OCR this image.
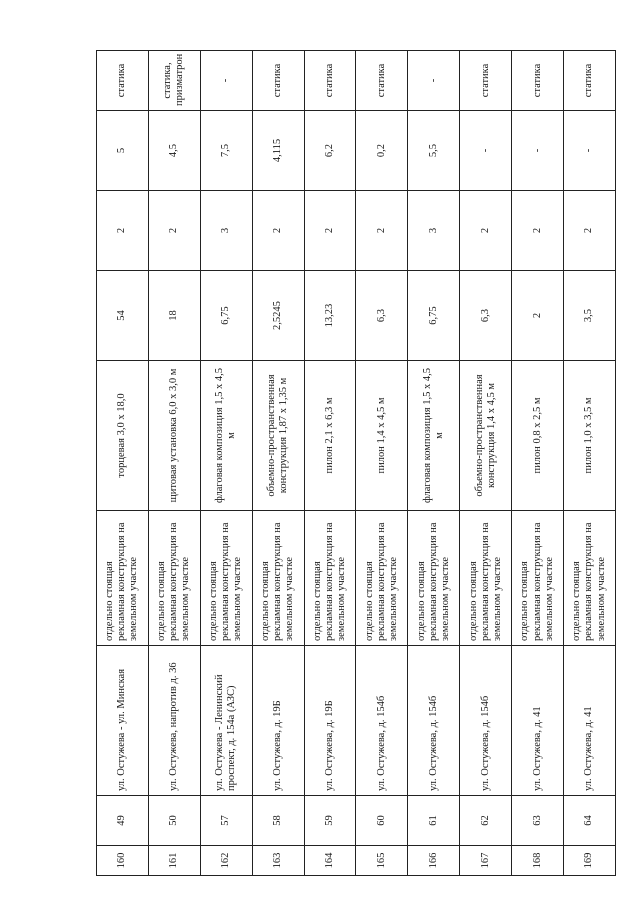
160	49	ул. Остужева - ул. Минская	отдельно стоящая рекламная конструкция на земельном участке	торцевая 3,0 х 18,0	54	2	5	статика
161	50	ул. Остужева, напротив д. 36	отдельно стоящая рекламная конструкция на земельном участке	щитовая установка 6,0 х 3,0 м	18	2	4,5	статика, призматрон
162	57	ул. Остужева - Ленинский проспект, д. 154а (АЗС)	отдельно стоящая рекламная конструкция на земельном участке	флаговая композиция 1,5 х 4,5 м	6,75	3	7,5	-
163	58	ул. Остужева, д. 19Б	отдельно стоящая рекламная конструкция на земельном участке	объемно-пространственная конструкция 1,87 х 1,35 м	2,5245	2	4,115	статика
164	59	ул. Остужева, д. 19Б	отдельно стоящая рекламная конструкция на земельном участке	пилон 2,1 х 6,3 м	13,23	2	6,2	статика
165	60	ул. Остужева, д. 154б	отдельно стоящая рекламная конструкция на земельном участке	пилон 1,4 х 4,5 м	6,3	2	0,2	статика
166	61	ул. Остужева, д. 154б	отдельно стоящая рекламная конструкция на земельном участке	флаговая композиция 1,5 х 4,5 м	6,75	3	5,5	-
167	62	ул. Остужева, д. 154б	отдельно стоящая рекламная конструкция на земельном участке	объемно-пространственная конструкция 1,4 х 4,5 м	6,3	2	-	статика
168	63	ул. Остужева, д. 41	отдельно стоящая рекламная конструкция на земельном участке	пилон 0,8 х 2,5 м	2	2	-	статика
169	64	ул. Остужева, д. 41	отдельно стоящая рекламная конструкция на земельном участке	пилон 1,0 х 3,5 м	3,5	2	-	статика
